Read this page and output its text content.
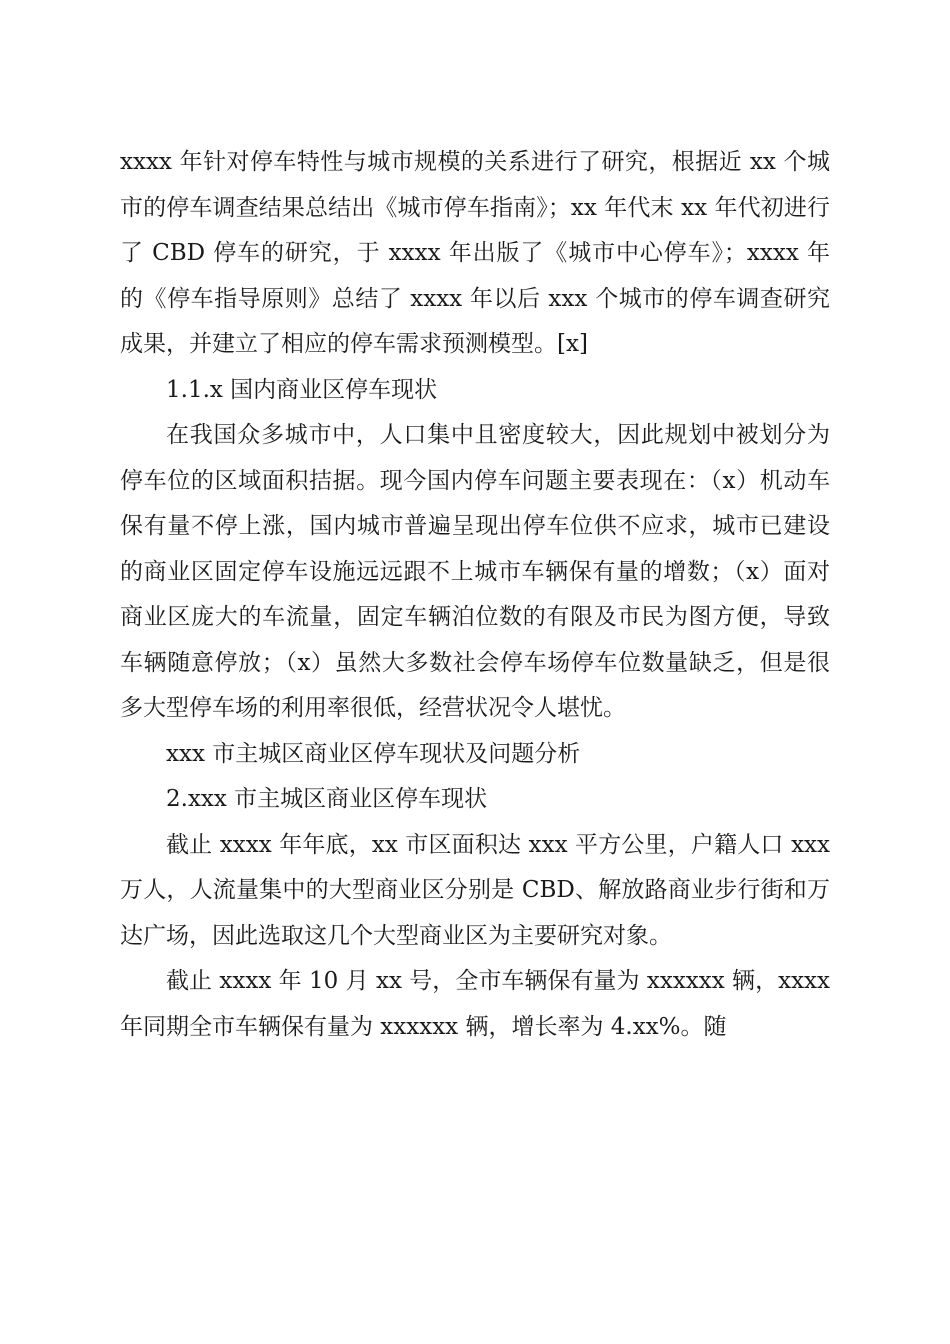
xxxx 年针对停车特性与城市规模的关系进行了研究，根据近 xx 个城市的停车调查结果总结出《城市停车指南》；xx 年代末 xx 年代初进行了 CBD 停车的研究，于 xxxx 年出版了《城市中心停车》；xxxx 年的《停车指导原则》总结了 xxxx 年以后 xxx 个城市的停车调查研究成果，并建立了相应的停车需求预测模型。[x]

1.1.x 国内商业区停车现状

在我国众多城市中，人口集中且密度较大，因此规划中被划分为停车位的区域面积拮据。现今国内停车问题主要表现在：（x）机动车保有量不停上涨，国内城市普遍呈现出停车位供不应求，城市已建设的商业区固定停车设施远远跟不上城市车辆保有量的增数；（x）面对商业区庞大的车流量，固定车辆泊位数的有限及市民为图方便，导致车辆随意停放；（x）虽然大多数社会停车场停车位数量缺乏，但是很多大型停车场的利用率很低，经营状况令人堪忧。

xxx 市主城区商业区停车现状及问题分析

2.xxx 市主城区商业区停车现状

截止 xxxx 年年底，xx 市区面积达 xxx 平方公里，户籍人口 xxx 万人，人流量集中的大型商业区分别是 CBD、解放路商业步行街和万达广场，因此选取这几个大型商业区为主要研究对象。

截止 xxxx 年 10 月 xx 号，全市车辆保有量为 xxxxxx 辆，xxxx 年同期全市车辆保有量为 xxxxxx 辆，增长率为 4.xx%。随
